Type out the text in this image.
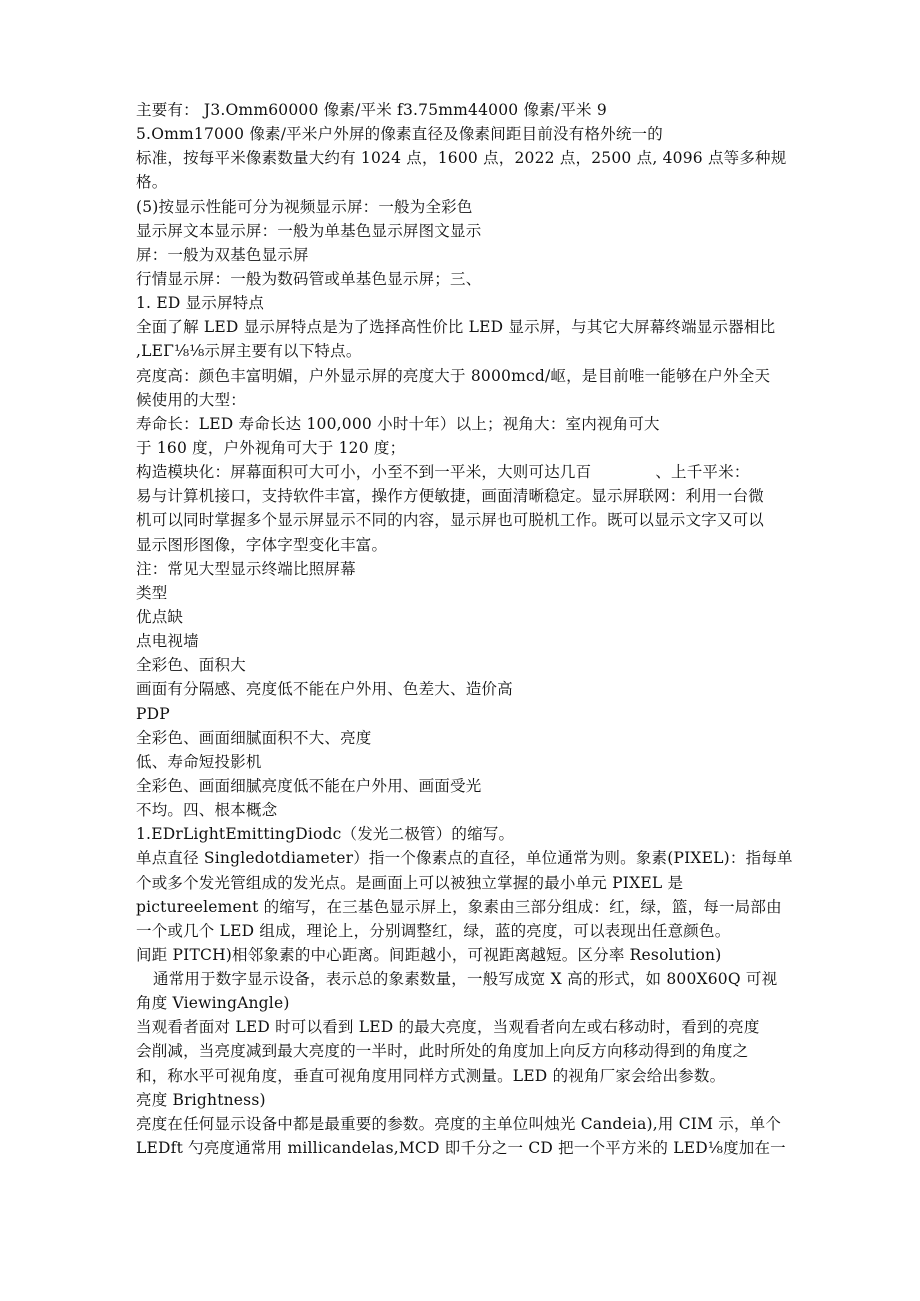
主要有： J3.Omm60000 像素/平米 f3.75mm44000 像素/平米 9
5.Omm17000 像素/平米户外屏的像素直径及像素间距目前没有格外统一的
标准，按每平米像素数量大约有 1024 点，1600 点，2022 点，2500 点, 4096 点等多种规
格。
(5)按显示性能可分为视频显示屏：一般为全彩色
显示屏文本显示屏：一般为单基色显示屏图文显示
屏：一般为双基色显示屏
行情显示屏：一般为数码管或单基色显示屏；三、
1. ED 显示屏特点
全面了解 LED 显示屏特点是为了选择高性价比 LED 显示屏，与其它大屏幕终端显示器相比
,LEΓ⅛⅛示屏主要有以下特点。
亮度高：颜色丰富明媚，户外显示屏的亮度大于 8000mcd/岖，是目前唯一能够在户外全天
候使用的大型：
寿命长：LED 寿命长达 100,000 小时十年）以上；视角大：室内视角可大
于 160 度，户外视角可大于 120 度；
构造模块化：屏幕面积可大可小，小至不到一平米，大则可达几百	、上千平米：
易与计算机接口，支持软件丰富，操作方便敏捷，画面清晰稳定。显示屏联网：利用一台微
机可以同时掌握多个显示屏显示不同的内容，显示屏也可脱机工作。既可以显示文字又可以
显示图形图像，字体字型变化丰富。
注：常见大型显示终端比照屏幕
类型
优点缺
点电视墙
全彩色、面积大
画面有分隔感、亮度低不能在户外用、色差大、造价高
PDP
全彩色、画面细腻面积不大、亮度
低、寿命短投影机
全彩色、画面细腻亮度低不能在户外用、画面受光
不均。四、根本概念
1.EDrLightEmittingDiodc（发光二极管）的缩写。
单点直径 Singledotdiameter）指一个像素点的直径，单位通常为则。象素(PIXEL)：指每单
个或多个发光管组成的发光点。是画面上可以被独立掌握的最小单元 PIXEL 是
pictureelement 的缩写，在三基色显示屏上，象素由三部分组成：红，绿，篮，每一局部由
一个或几个 LED 组成，理论上，分别调整红，绿，蓝的亮度，可以表现出任意颜色。
间距 PITCH)相邻象素的中心距离。间距越小，可视距离越短。区分率 Resolution)
通常用于数字显示设备，表示总的象素数量，一般写成宽 X 高的形式，如 800X60Q 可视
角度 ViewingAngle)
当观看者面对 LED 时可以看到 LED 的最大亮度，当观看者向左或右移动时，看到的亮度
会削减，当亮度减到最大亮度的一半时，此时所处的角度加上向反方向移动得到的角度之
和，称水平可视角度，垂直可视角度用同样方式测量。LED 的视角厂家会给出参数。
亮度 Brightness)
亮度在任何显示设备中都是最重要的参数。亮度的主单位叫烛光 Candeia),用 CIM 示，单个
LEDft 勺亮度通常用 millicandelas,MCD 即千分之一 CD 把一个平方米的 LED⅛度加在一
